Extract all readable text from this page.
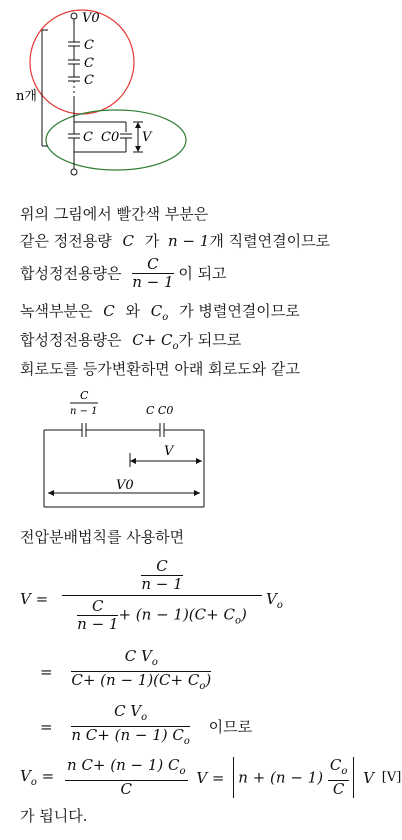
V0
C
C
C
n개
C C0 V
위의 그림에서 빨간색 부분은
같은 정전용량 C 가 n − 1개 직렬연결이므로
합성정전용량은 $\frac{C}{n - 1}$ 이 되고
녹색부분은 C 와 $C_o$ 가 병렬연결이므로
합성정전용량은 $C+ C_o$가 되므로
회로도를 등가변환하면 아래 회로도와 같고
C
n − 1	C C0
V
V0
전압분배법칙를 사용하면
V =
$\frac{C}{n - 1}$
$\frac{C}{n - 1} + (n - 1)(C+ C_o)$
$V_o$
= $\frac{C V_o}{C+ (n - 1)(C+ C_o)}$
= $\frac{C V_o}{n C+ (n - 1) C_o}$ 이므로
$V_o = \frac{n C+ (n - 1) C_o}{C}$ $V = n + (n - 1) \frac{C_o}{C}$ V [V]
가 됩니다.
